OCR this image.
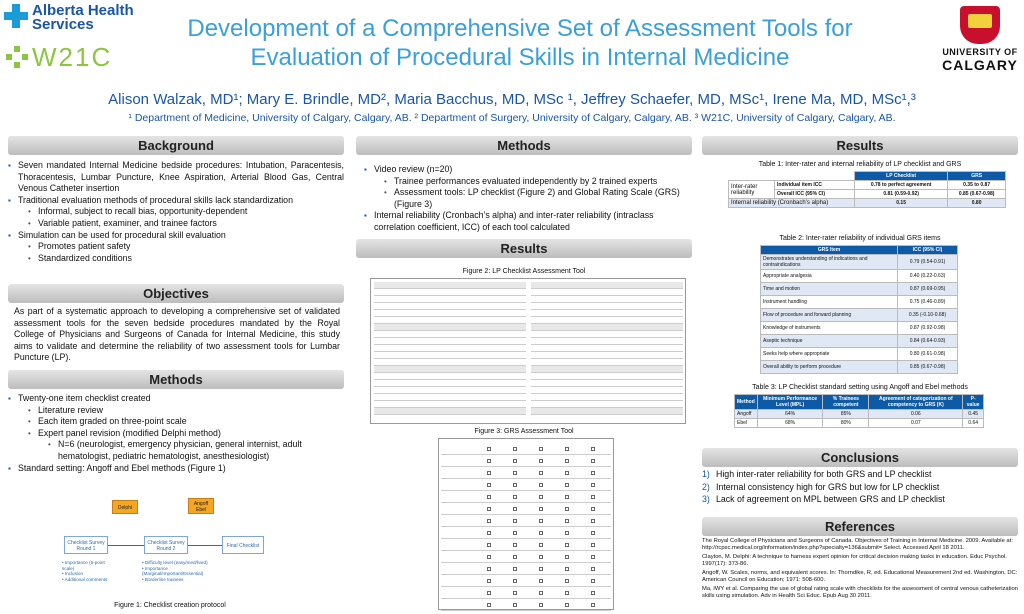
Alberta Health
Services
W21C
Development of a Comprehensive Set of Assessment Tools for
Evaluation of Procedural Skills in Internal Medicine	UNIVERSITY OF
CALGARY
Alison Walzak, MD¹; Mary E. Brindle, MD², Maria Bacchus, MD, MSc ¹, Jeffrey Schaefer, MD, MSc¹, Irene Ma, MD, MSc¹,³
¹ Department of Medicine, University of Calgary, Calgary, AB. ² Department of Surgery, University of Calgary, Calgary, AB. ³ W21C, University of Calgary, Calgary, AB.
Background
▪ Seven mandated Internal Medicine bedside procedures: Intubation, Paracentesis, Thoracentesis, Lumbar Puncture, Knee Aspiration, Arterial Blood Gas, Central Venous Catheter insertion
▪ Traditional evaluation methods of procedural skills lack standardization
• Informal, subject to recall bias, opportunity-dependent
• Variable patient, examiner, and trainee factors
▪ Simulation can be used for procedural skill evaluation
• Promotes patient safety
• Standardized conditions
Objectives
As part of a systematic approach to developing a comprehensive set of validated assessment tools for the seven bedside procedures mandated by the Royal College of Physicians and Surgeons of Canada for Internal Medicine, this study aims to validate and determine the reliability of two assessment tools for Lumbar Puncture (LP).
Methods
▪ Twenty-one item checklist created
• Literature review
• Each item graded on three-point scale
• Expert panel revision (modified Delphi method)
• N=6 (neurologist, emergency physician, general internist, adult hematologist, pediatric hematologist, anesthesiologist)
▪ Standard setting: Angoff and Ebel methods (Figure 1)
Delphi
Angoff Ebel
Checklist Survey Round 1
Checklist Survey Round 2	Final Checklist
• Importance (5-point scale)
• Inclusion
• Additional comments
• Difficulty level (easy/med/hard)
• Importance (Marginal/Important/Essential)
• Borderline trainees
Figure 1: Checklist creation protocol
Methods
▪ Video review (n=20)
• Trainee performances evaluated independently by 2 trained experts
• Assessment tools: LP checklist (Figure 2) and Global Rating Scale (GRS) (Figure 3)
▪ Internal reliability (Cronbach’s alpha) and inter-rater reliability (intraclass correlation coefficient, ICC) of each tool calculated
Results
Figure 2: LP Checklist Assessment Tool
Figure 3: GRS Assessment Tool
Results
Table 1: Inter-rater and internal reliability of LP checklist and GRS
		LP Checklist	GRS
Inter-rater reliability	Individual item ICC	0.78 to perfect agreement	0.35 to 0.87
	Overall ICC (95% CI)	0.81 (0.59-0.92)	0.85 (0.67-0.98)
Internal reliability (Cronbach’s alpha)		0.15	0.80
Table 2: Inter-rater reliability of individual GRS items
GRS Item	ICC (95% CI)
Demonstrates understanding of indications and contraindications	0.79 (0.54-0.91)
Appropriate analgesia	0.40 (0.22-0.63)
Time and motion	0.87 (0.69-0.95)
Instrument handling	0.75 (0.46-0.89)
Flow of procedure and forward planning	0.35 (-0.10-0.68)
Knowledge of instruments	0.87 (0.92-0.98)
Aseptic technique	0.84 (0.64-0.93)
Seeks help where appropriate	0.80 (0.61-0.98)
Overall ability to perform procedure	0.85 (0.67-0.98)
Table 3: LP Checklist standard setting using Angoff and Ebel methods
Method	Minimum Performance Level (MPL)	% Trainees competent	Agreement of categorization of competency to GRS (K)	P-value
Angoff	64%	85%	0.06	0.45
Ebel	68%	80%	0.07	0.64
Conclusions
1) High inter-rater reliability for both GRS and LP checklist
2) Internal consistency high for GRS but low for LP checklist
3) Lack of agreement on MPL between GRS and LP checklist
References

The Royal College of Physicians and Surgeons of Canada. Objectives of Training in Internal Medicine. 2009. Available at: http://rcpsc.medical.org/information/index.php?specialty=136&submit= Select. Accessed April 18 2011.

Clayton, M. Delphi: A technique to harness expert opinion for critical decision making tasks in education. Educ Psychol. 1997(17): 373-86.

Angoff, W. Scales, norms, and equivalent scores. In: Thorndike, R, ed. Educational Measurement 2nd ed. Washington, DC: American Council on Education; 1971: 508-600.

Ma, IWY et al. Comparing the use of global rating scale with checklists for the assessment of central venous catheterization skills using simulation. Adv in Health Sci Educ. Epub Aug 30 2011.
